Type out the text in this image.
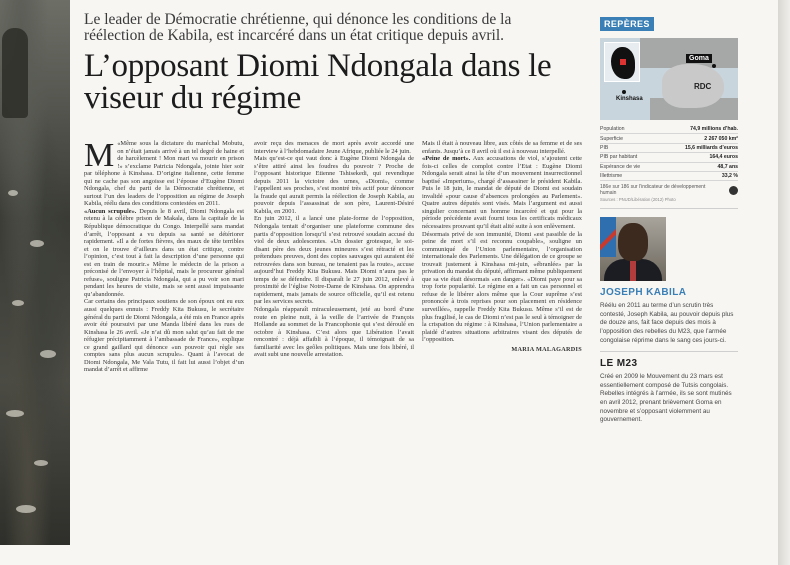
Le leader de Démocratie chrétienne, qui dénonce les conditions de la réélection de Kabila, est incarcéré dans un état critique depuis avril.
L’opposant Diomi Ndongala dans le viseur du régime
M «Même sous la dictature du maréchal Mobutu, on n’était jamais arrivé à un tel degré de haine et de harcèlement ! Mon mari va mourir en prison !» s’exclame Patricia Ndongala, jointe hier soir par téléphone à Kinshasa. D’origine italienne, cette femme qui ne cache pas son angoisse est l’épouse d’Eugène Diomi Ndongala, chef du parti de la Démocratie chrétienne, et surtout l’un des leaders de l’opposition au régime de Joseph Kabila, réélu dans des conditions contestées en 2011.

«Aucun scrupule». Depuis le 8 avril, Diomi Ndongala est retenu à la célèbre prison de Makala, dans la capitale de la République démocratique du Congo. Interpellé sans mandat d’arrêt, l’opposant a vu depuis sa santé se détériorer rapidement. «Il a de fortes fièvres, des maux de tête terribles et on le trouve d’ailleurs dans un état critique, contre l’opinion, c’est tout à fait la description d’une personne qui est en train de mourir.» Même le médecin de la prison a préconisé de l’envoyer à l’hôpital, mais le procureur général refuse», souligne Patricia Ndongala, qui a pu voir son mari pendant les heures de visite, mais se sent aussi impuissante qu’abandonnée.

Car certains des principaux soutiens de son époux ont eu eux aussi quelques ennuis : Freddy Kita Bukusu, le secrétaire général du parti de Diomi Ndongala, a été mis en France après avoir été poursuivi par une Manda libéré dans les rues de Kinshasa le 26 avril. «Je n’ai dû mon salut qu’au fait de me réfugier précipitamment à l’ambassade de France», explique ce grand gaillard qui dénonce «un pouvoir qui règle ses comptes sans plus aucun scrupule». Quant à l’avocat de Diomi Ndongala, Me Vala Tutu, il fait lui aussi l’objet d’un mandat d’arrêt et affirme

avoir reçu des menaces de mort après avoir accordé une interview à l’hebdomadaire Jeune Afrique, publiée le 24 juin.

Mais qu’est-ce qui vaut donc à Eugène Diomi Ndongala de s’être attiré ainsi les foudres du pouvoir ? Proche de l’opposant historique Etienne Tshisekedi, qui revendique depuis 2011 la victoire des urnes, «Diomi», comme l’appellent ses proches, s’est montré très actif pour dénoncer la fraude qui aurait permis la réélection de Joseph Kabila, au pouvoir depuis l’assassinat de son père, Laurent-Désiré Kabila, en 2001.

En juin 2012, il a lancé une plate-forme de l’opposition, Ndongala tentait d’organiser une plateforme commune des partis d’opposition lorsqu’il s’est retrouvé soudain accusé du viol de deux adolescentes. «Un dossier grotesque, le soi-disant père des deux jeunes mineures s’est rétracté et les prétendues preuves, dont des copies sauvages qui auraient été retrouvées dans son bureau, ne tenaient pas la route», accuse aujourd’hui Freddy Kita Bukusu. Mais Diomi n’aura pas le temps de se défendre. Il disparaît le 27 juin 2012, enlevé à proximité de l’église Notre-Dame de Kinshasa. On apprendra rapidement, mais jamais de source officielle, qu’il est retenu par les services secrets.

Ndongala réapparaît miraculeusement, jeté au bord d’une route en pleine nuit, à la veille de l’arrivée de François Hollande au sommet de la Francophonie qui s’est déroulé en octobre à Kinshasa. C’est alors que Libération l’avait rencontré : déjà affaibli à l’époque, il témoignait de sa familiarité avec les geôles politiques. Mais une fois libéré, il avait subi une nouvelle arrestation.

Mais il était à nouveau libre, aux côtés de sa femme et de ses enfants. Jusqu’à ce 8 avril où il est à nouveau interpellé.

«Peine de mort». Aux accusations de viol, s’ajoutent cette fois-ci celles de complot contre l’Etat : Eugène Diomi Ndongala serait ainsi la tête d’un mouvement insurrectionnel baptisé «Imperium», chargé d’assassiner le président Kabila. Puis le 18 juin, le mandat de député de Diomi est soudain invalidé «pour cause d’absences prolongées au Parlement». Quatre autres députés sont visés. Mais l’argument est aussi singulier concernant un homme incarcéré et qui pour la période précédente avait fourni tous les certificats médicaux nécessaires prouvant qu’il était alité suite à son enlèvement.

Désormais privé de son immunité, Diomi «est passible de la peine de mort s’il est reconnu coupable», souligne un communiqué de l’Union parlementaire, l’organisation internationale des Parlements. Une délégation de ce groupe se trouvait justement à Kinshasa mi-juin, «ébranlée» par la privation du mandat du député, affirmant même publiquement que sa vie était désormais «en danger». «Diomi paye pour sa trop forte popularité. Le régime en a fait un cas personnel et refuse de le libérer alors même que la Cour suprême s’est prononcée à trois reprises pour son placement en résidence surveillée», rappelle Freddy Kita Bukusu. Même s’il est de plus fragilisé, le cas de Diomi n’est pas le seul à témoigner de la crispation du régime : à Kinshasa, l’Union parlementaire a plaidé d’autres situations arbitraires visant des députés de l’opposition.

MARIA MALAGARDIS
REPÈRES
Goma
RDC
Kinshasa
Population	74,9 millions d’hab.
Superficie	2 267 050 km²
PIB	15,6 milliards d’euros
PIB par habitant	164,4 euros
Espérance de vie	48,7 ans
Illettrisme	33,2 %
186e sur 186 sur l’indicateur de développement humain
Sources : PNUD/Libération (2012) Photo
JOSEPH KABILA
Réélu en 2011 au terme d’un scrutin très contesté, Joseph Kabila, au pouvoir depuis plus de douze ans, fait face depuis des mois à l’opposition des rebelles du M23, que l’armée congolaise réprime dans le sang ces jours-ci.
LE M23
Créé en 2009 le Mouvement du 23 mars est essentiellement composé de Tutsis congolais. Rebelles intégrés à l’armée, ils se sont mutinés en avril 2012, prenant brièvement Goma en novembre et s’opposant violemment au gouvernement.
